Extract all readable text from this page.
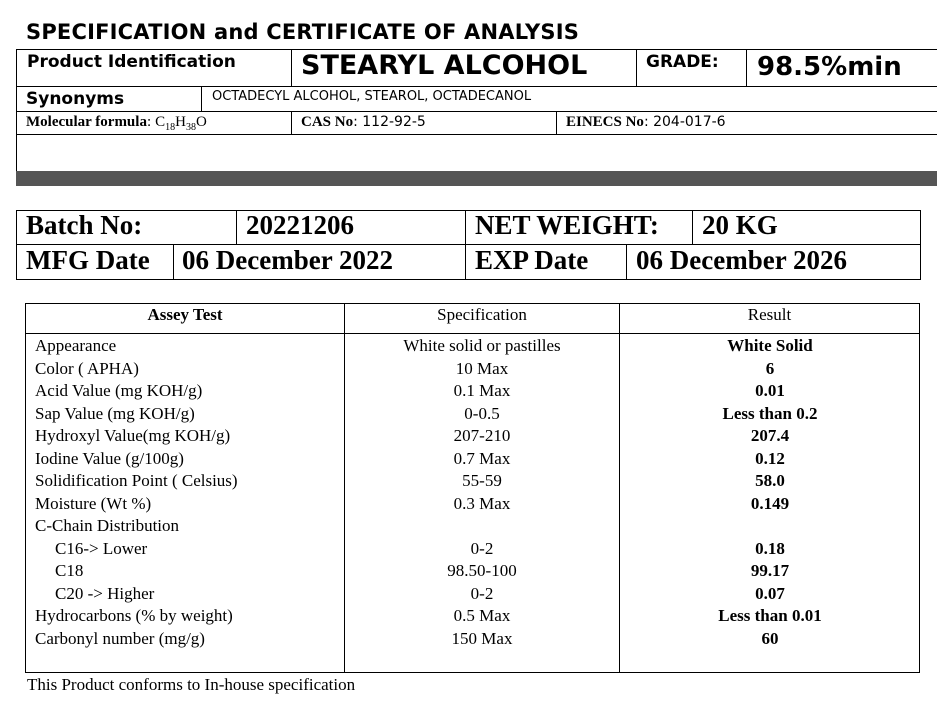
SPECIFICATION and CERTIFICATE OF ANALYSIS
Product Identification STEARYL ALCOHOL	GRADE: 98.5%min
Synonyms	OCTADECYL ALCOHOL, STEAROL, OCTADECANOL
Molecular formula: $C_{18}H_{38}O$	CAS No: 112-92-5	EINECS No: 204-017-6
Batch No:	20221206	NET WEIGHT: 20 KG
MFG Date 06 December 2022	EXP Date 06 December 2026
Assey Test	Specification	Result
Appearance	White solid or pastilles	White Solid
Color ( APHA)	10 Max	6
Acid Value (mg KOH/g)	0.1 Max	0.01
Sap Value (mg KOH/g)	0-0.5	Less than 0.2
Hydroxyl Value(mg KOH/g)	207-210	207.4
Iodine Value (g/100g)	0.7 Max	0.12
Solidification Point ( Celsius)	55-59	58.0
Moisture (Wt %)	0.3 Max	0.149
C-Chain Distribution
C16-> Lower	0-2	0.18
C18	98.50-100	99.17
C20 -> Higher	0-2	0.07
Hydrocarbons (% by weight)	0.5 Max	Less than 0.01
Carbonyl number (mg/g)	150 Max	60
This Product conforms to In-house specification
